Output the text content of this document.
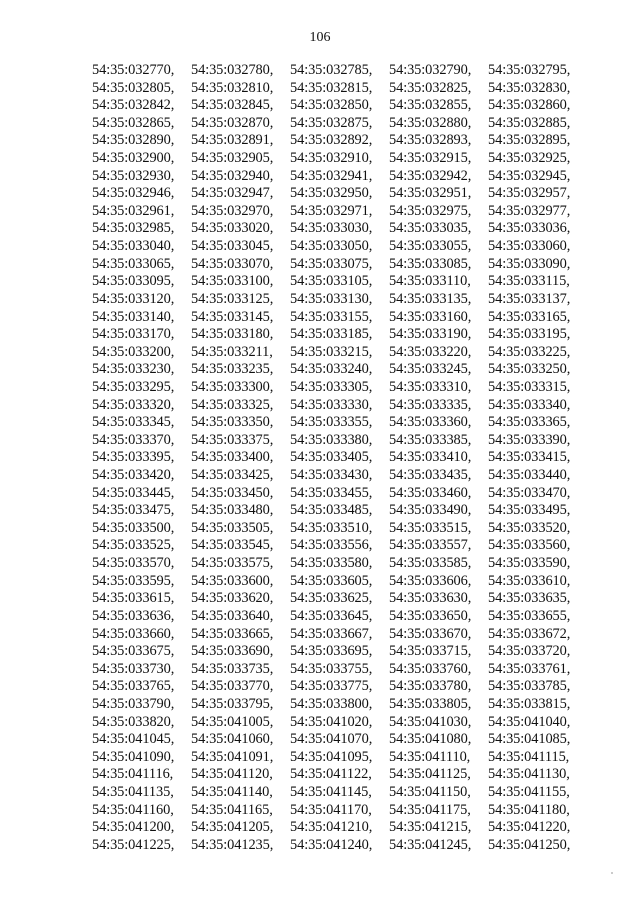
106
54:35:032770,	54:35:032780,	54:35:032785,	54:35:032790,	54:35:032795,
54:35:032805,	54:35:032810,	54:35:032815,	54:35:032825,	54:35:032830,
54:35:032842,	54:35:032845,	54:35:032850,	54:35:032855,	54:35:032860,
54:35:032865,	54:35:032870,	54:35:032875,	54:35:032880,	54:35:032885,
54:35:032890,	54:35:032891,	54:35:032892,	54:35:032893,	54:35:032895,
54:35:032900,	54:35:032905,	54:35:032910,	54:35:032915,	54:35:032925,
54:35:032930,	54:35:032940,	54:35:032941,	54:35:032942,	54:35:032945,
54:35:032946,	54:35:032947,	54:35:032950,	54:35:032951,	54:35:032957,
54:35:032961,	54:35:032970,	54:35:032971,	54:35:032975,	54:35:032977,
54:35:032985,	54:35:033020,	54:35:033030,	54:35:033035,	54:35:033036,
54:35:033040,	54:35:033045,	54:35:033050,	54:35:033055,	54:35:033060,
54:35:033065,	54:35:033070,	54:35:033075,	54:35:033085,	54:35:033090,
54:35:033095,	54:35:033100,	54:35:033105,	54:35:033110,	54:35:033115,
54:35:033120,	54:35:033125,	54:35:033130,	54:35:033135,	54:35:033137,
54:35:033140,	54:35:033145,	54:35:033155,	54:35:033160,	54:35:033165,
54:35:033170,	54:35:033180,	54:35:033185,	54:35:033190,	54:35:033195,
54:35:033200,	54:35:033211,	54:35:033215,	54:35:033220,	54:35:033225,
54:35:033230,	54:35:033235,	54:35:033240,	54:35:033245,	54:35:033250,
54:35:033295,	54:35:033300,	54:35:033305,	54:35:033310,	54:35:033315,
54:35:033320,	54:35:033325,	54:35:033330,	54:35:033335,	54:35:033340,
54:35:033345,	54:35:033350,	54:35:033355,	54:35:033360,	54:35:033365,
54:35:033370,	54:35:033375,	54:35:033380,	54:35:033385,	54:35:033390,
54:35:033395,	54:35:033400,	54:35:033405,	54:35:033410,	54:35:033415,
54:35:033420,	54:35:033425,	54:35:033430,	54:35:033435,	54:35:033440,
54:35:033445,	54:35:033450,	54:35:033455,	54:35:033460,	54:35:033470,
54:35:033475,	54:35:033480,	54:35:033485,	54:35:033490,	54:35:033495,
54:35:033500,	54:35:033505,	54:35:033510,	54:35:033515,	54:35:033520,
54:35:033525,	54:35:033545,	54:35:033556,	54:35:033557,	54:35:033560,
54:35:033570,	54:35:033575,	54:35:033580,	54:35:033585,	54:35:033590,
54:35:033595,	54:35:033600,	54:35:033605,	54:35:033606,	54:35:033610,
54:35:033615,	54:35:033620,	54:35:033625,	54:35:033630,	54:35:033635,
54:35:033636,	54:35:033640,	54:35:033645,	54:35:033650,	54:35:033655,
54:35:033660,	54:35:033665,	54:35:033667,	54:35:033670,	54:35:033672,
54:35:033675,	54:35:033690,	54:35:033695,	54:35:033715,	54:35:033720,
54:35:033730,	54:35:033735,	54:35:033755,	54:35:033760,	54:35:033761,
54:35:033765,	54:35:033770,	54:35:033775,	54:35:033780,	54:35:033785,
54:35:033790,	54:35:033795,	54:35:033800,	54:35:033805,	54:35:033815,
54:35:033820,	54:35:041005,	54:35:041020,	54:35:041030,	54:35:041040,
54:35:041045,	54:35:041060,	54:35:041070,	54:35:041080,	54:35:041085,
54:35:041090,	54:35:041091,	54:35:041095,	54:35:041110,	54:35:041115,
54:35:041116,	54:35:041120,	54:35:041122,	54:35:041125,	54:35:041130,
54:35:041135,	54:35:041140,	54:35:041145,	54:35:041150,	54:35:041155,
54:35:041160,	54:35:041165,	54:35:041170,	54:35:041175,	54:35:041180,
54:35:041200,	54:35:041205,	54:35:041210,	54:35:041215,	54:35:041220,
54:35:041225,	54:35:041235,	54:35:041240,	54:35:041245,	54:35:041250,
